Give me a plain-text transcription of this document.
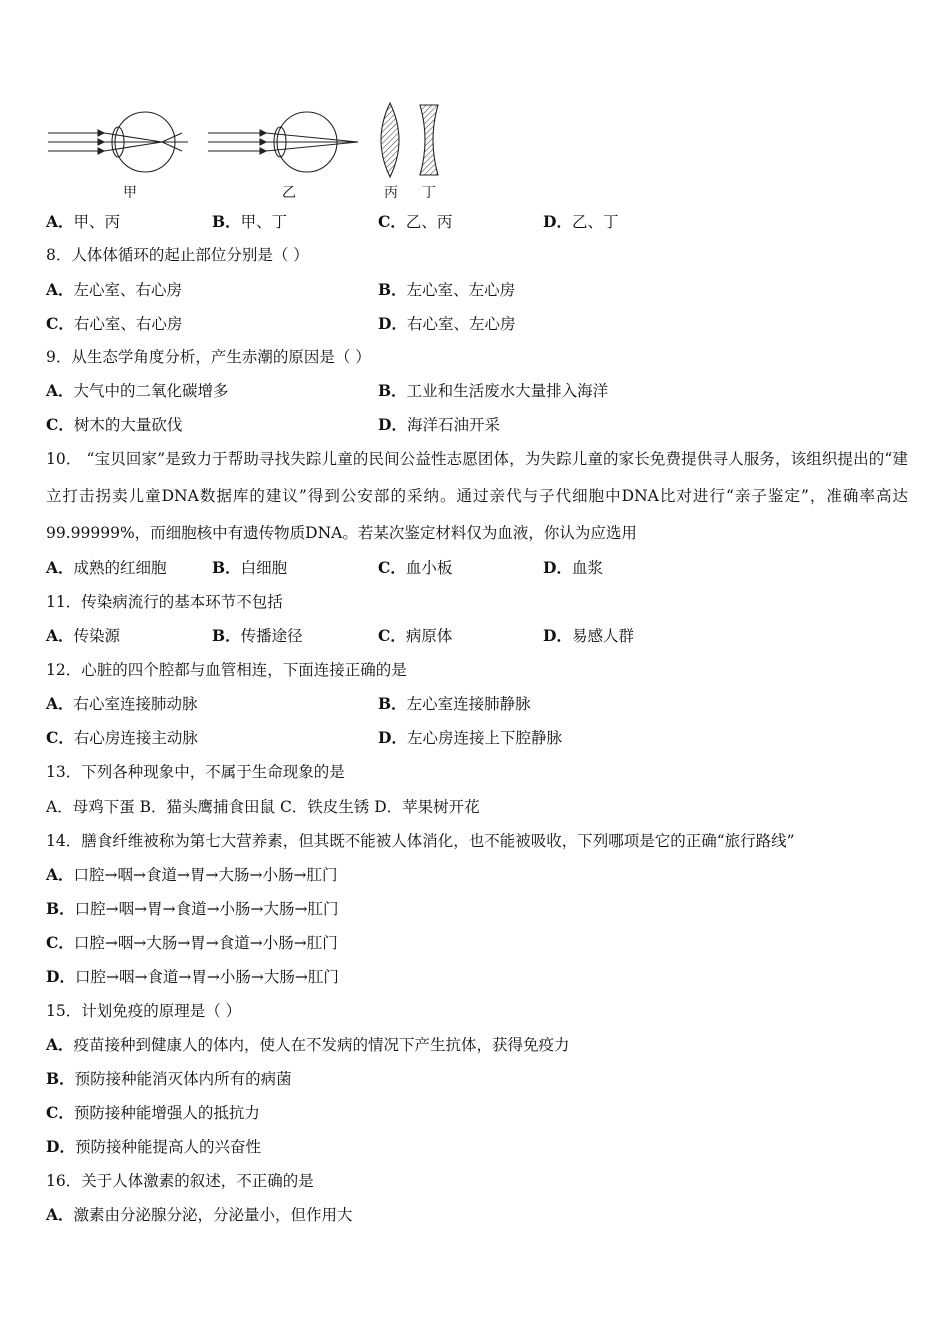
甲	乙	丙 丁
A．甲、丙	B．甲、丁	C．乙、丙	D．乙、丁
8．人体体循环的起止部位分别是（ ）
A．左心室、右心房	B．左心室、左心房
C．右心室、右心房	D．右心室、左心房
9．从生态学角度分析，产生赤潮的原因是（ ）
A．大气中的二氧化碳增多	B．工业和生活废水大量排入海洋
C．树木的大量砍伐	D．海洋石油开采
10． “宝贝回家”是致力于帮助寻找失踪儿童的民间公益性志愿团体，为失踪儿童的家长免费提供寻人服务，该组织提出的“建立打击拐卖儿童DNA数据库的建议”得到公安部的采纳。通过亲代与子代细胞中DNA比对进行“亲子鉴定”，准确率高达99.99999%，而细胞核中有遗传物质DNA。若某次鉴定材料仅为血液，你认为应选用
A．成熟的红细胞	B．白细胞	C．血小板	D．血浆
11．传染病流行的基本环节不包括
A．传染源	B．传播途径	C．病原体	D．易感人群
12．心脏的四个腔都与血管相连，下面连接正确的是
A．右心室连接肺动脉	B．左心室连接肺静脉
C．右心房连接主动脉	D．左心房连接上下腔静脉
13．下列各种现象中，不属于生命现象的是
A．母鸡下蛋 B．猫头鹰捕食田鼠 C．铁皮生锈 D．苹果树开花
14．膳食纤维被称为第七大营养素，但其既不能被人体消化，也不能被吸收，下列哪项是它的正确“旅行路线”
A．口腔→咽→食道→胃→大肠→小肠→肛门
B．口腔→咽→胃→食道→小肠→大肠→肛门
C．口腔→咽→大肠→胃→食道→小肠→肛门
D．口腔→咽→食道→胃→小肠→大肠→肛门
15．计划免疫的原理是（ ）
A．疫苗接种到健康人的体内，使人在不发病的情况下产生抗体，获得免疫力
B．预防接种能消灭体内所有的病菌
C．预防接种能增强人的抵抗力
D．预防接种能提高人的兴奋性
16．关于人体激素的叙述，不正确的是
A．激素由分泌腺分泌，分泌量小，但作用大
